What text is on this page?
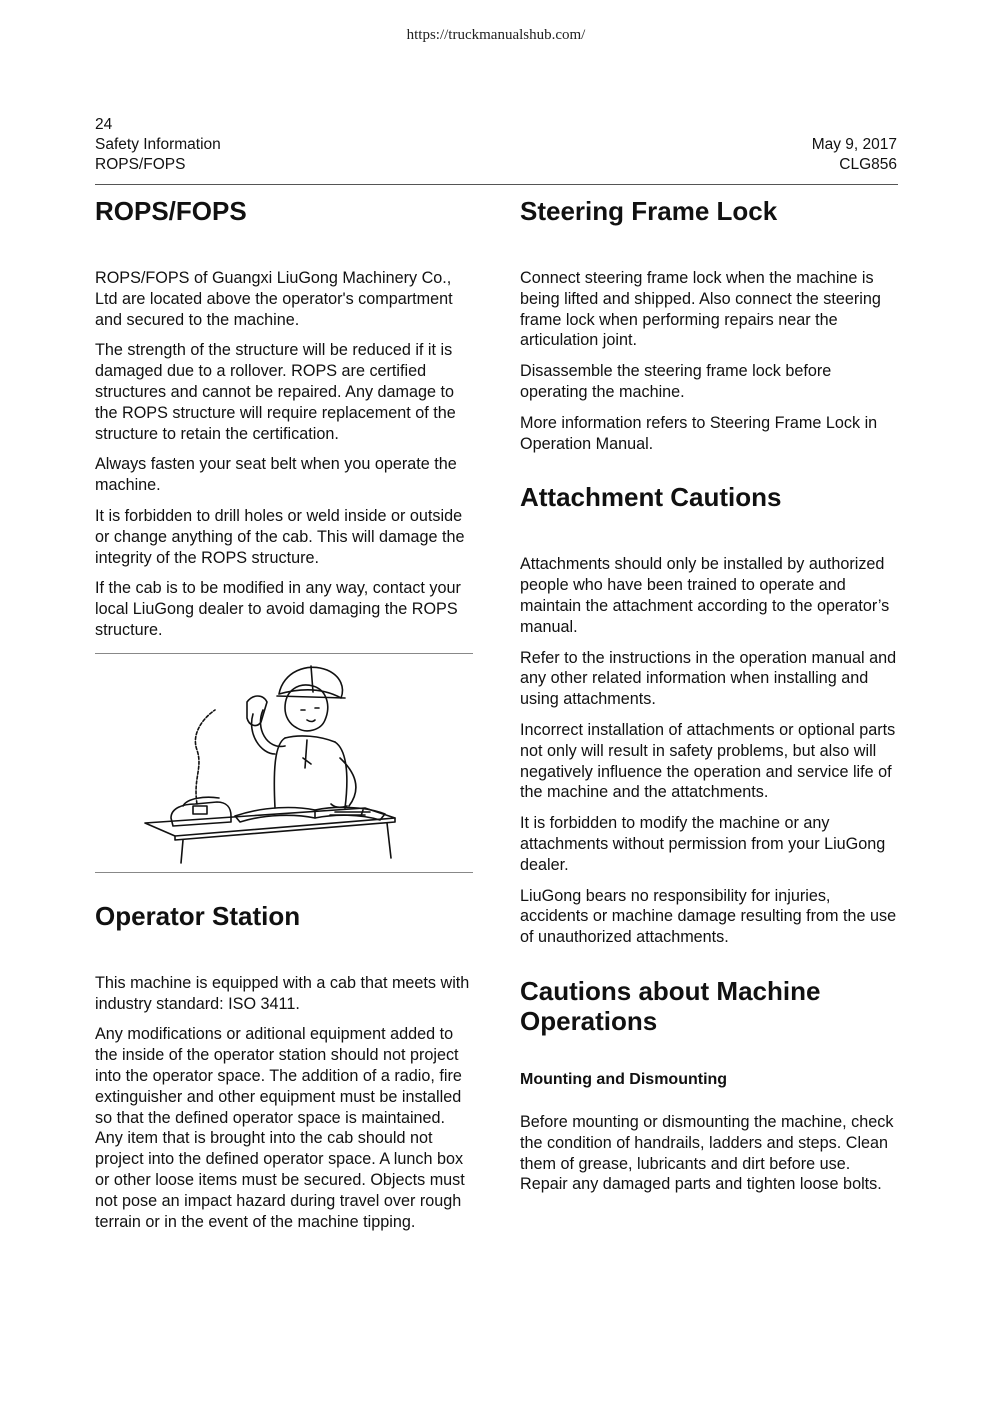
https://truckmanualshub.com/
24
Safety Information
ROPS/FOPS
May 9, 2017
CLG856
ROPS/FOPS

ROPS/FOPS of Guangxi LiuGong Machinery Co., Ltd are located above the operator's compartment and secured to the machine.

The strength of the structure will be reduced if it is damaged due to a rollover. ROPS are certified structures and cannot be repaired. Any damage to the ROPS structure will require replacement of the structure to retain the certification.

Always fasten your seat belt when you operate the machine.

It is forbidden to drill holes or weld inside or outside or change anything of the cab. This will damage the integrity of the ROPS structure.

If the cab is to be modified in any way, contact your local LiuGong dealer to avoid damaging the ROPS structure.

Operator Station

This machine is equipped with a cab that meets with industry standard: ISO 3411.

Any modifications or aditional equipment added to the inside of the operator station should not project into the operator space. The addition of a radio, fire extinguisher and other equipment must be installed so that the defined operator space is maintained. Any item that is brought into the cab should not project into the defined operator space. A lunch box or other loose items must be secured. Objects must not pose an impact hazard during travel over rough terrain or in the event of the machine tipping.

Steering Frame Lock

Connect steering frame lock when the machine is being lifted and shipped. Also connect the steering frame lock when performing repairs near the articulation joint.

Disassemble the steering frame lock before operating the machine.

More information refers to Steering Frame Lock in Operation Manual.

Attachment Cautions

Attachments should only be installed by authorized people who have been trained to operate and maintain the attachment according to the operator’s manual.

Refer to the instructions in the operation manual and any other related information when installing and using attachments.

Incorrect installation of attachments or optional parts not only will result in safety problems, but also will negatively influence the operation and service life of the machine and the attatchments.

It is forbidden to modify the machine or any attachments without permission from your LiuGong dealer.

LiuGong bears no responsibility for injuries, accidents or machine damage resulting from the use of unauthorized attachments.

Cautions about Machine
Operations
Mounting and Dismounting

Before mounting or dismounting the machine, check the condition of handrails, ladders and steps. Clean them of grease, lubricants and dirt before use. Repair any damaged parts and tighten loose bolts.
